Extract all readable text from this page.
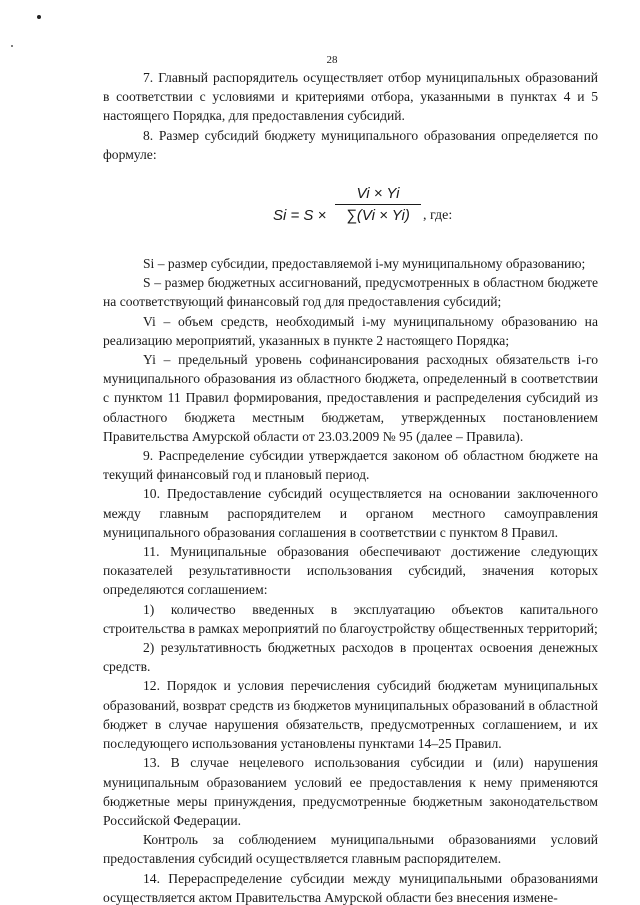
28

7. Главный распорядитель осуществляет отбор муниципальных образований в соответствии с условиями и критериями отбора, указанными в пунктах 4 и 5 настоящего Порядка, для предоставления субсидий.

8. Размер субсидий бюджету муниципального образования определяется по формуле:

$Si = S \times \frac{Vi \times Yi}{\sum(Vi \times Yi)}$ , где:

Si – размер субсидии, предоставляемой i-му муниципальному образованию;

S – размер бюджетных ассигнований, предусмотренных в областном бюджете на соответствующий финансовый год для предоставления субсидий;

Vi – объем средств, необходимый i-му муниципальному образованию на реализацию мероприятий, указанных в пункте 2 настоящего Порядка;

Yi – предельный уровень софинансирования расходных обязательств i-го муниципального образования из областного бюджета, определенный в соответствии с пунктом 11 Правил формирования, предоставления и распределения субсидий из областного бюджета местным бюджетам, утвержденных постановлением Правительства Амурской области от 23.03.2009 № 95 (далее – Правила).

9. Распределение субсидии утверждается законом об областном бюджете на текущий финансовый год и плановый период.

10. Предоставление субсидий осуществляется на основании заключенного между главным распорядителем и органом местного самоуправления муниципального образования соглашения в соответствии с пунктом 8 Правил.

11. Муниципальные образования обеспечивают достижение следующих показателей результативности использования субсидий, значения которых определяются соглашением:

1) количество введенных в эксплуатацию объектов капитального строительства в рамках мероприятий по благоустройству общественных территорий;

2) результативность бюджетных расходов в процентах освоения денежных средств.

12. Порядок и условия перечисления субсидий бюджетам муниципальных образований, возврат средств из бюджетов муниципальных образований в областной бюджет в случае нарушения обязательств, предусмотренных соглашением, и их последующего использования установлены пунктами 14–25 Правил.

13. В случае нецелевого использования субсидии и (или) нарушения муниципальным образованием условий ее предоставления к нему применяются бюджетные меры принуждения, предусмотренные бюджетным законодательством Российской Федерации.

Контроль за соблюдением муниципальными образованиями условий предоставления субсидий осуществляется главным распорядителем.

14. Перераспределение субсидии между муниципальными образованиями осуществляется актом Правительства Амурской области без внесения измене-
